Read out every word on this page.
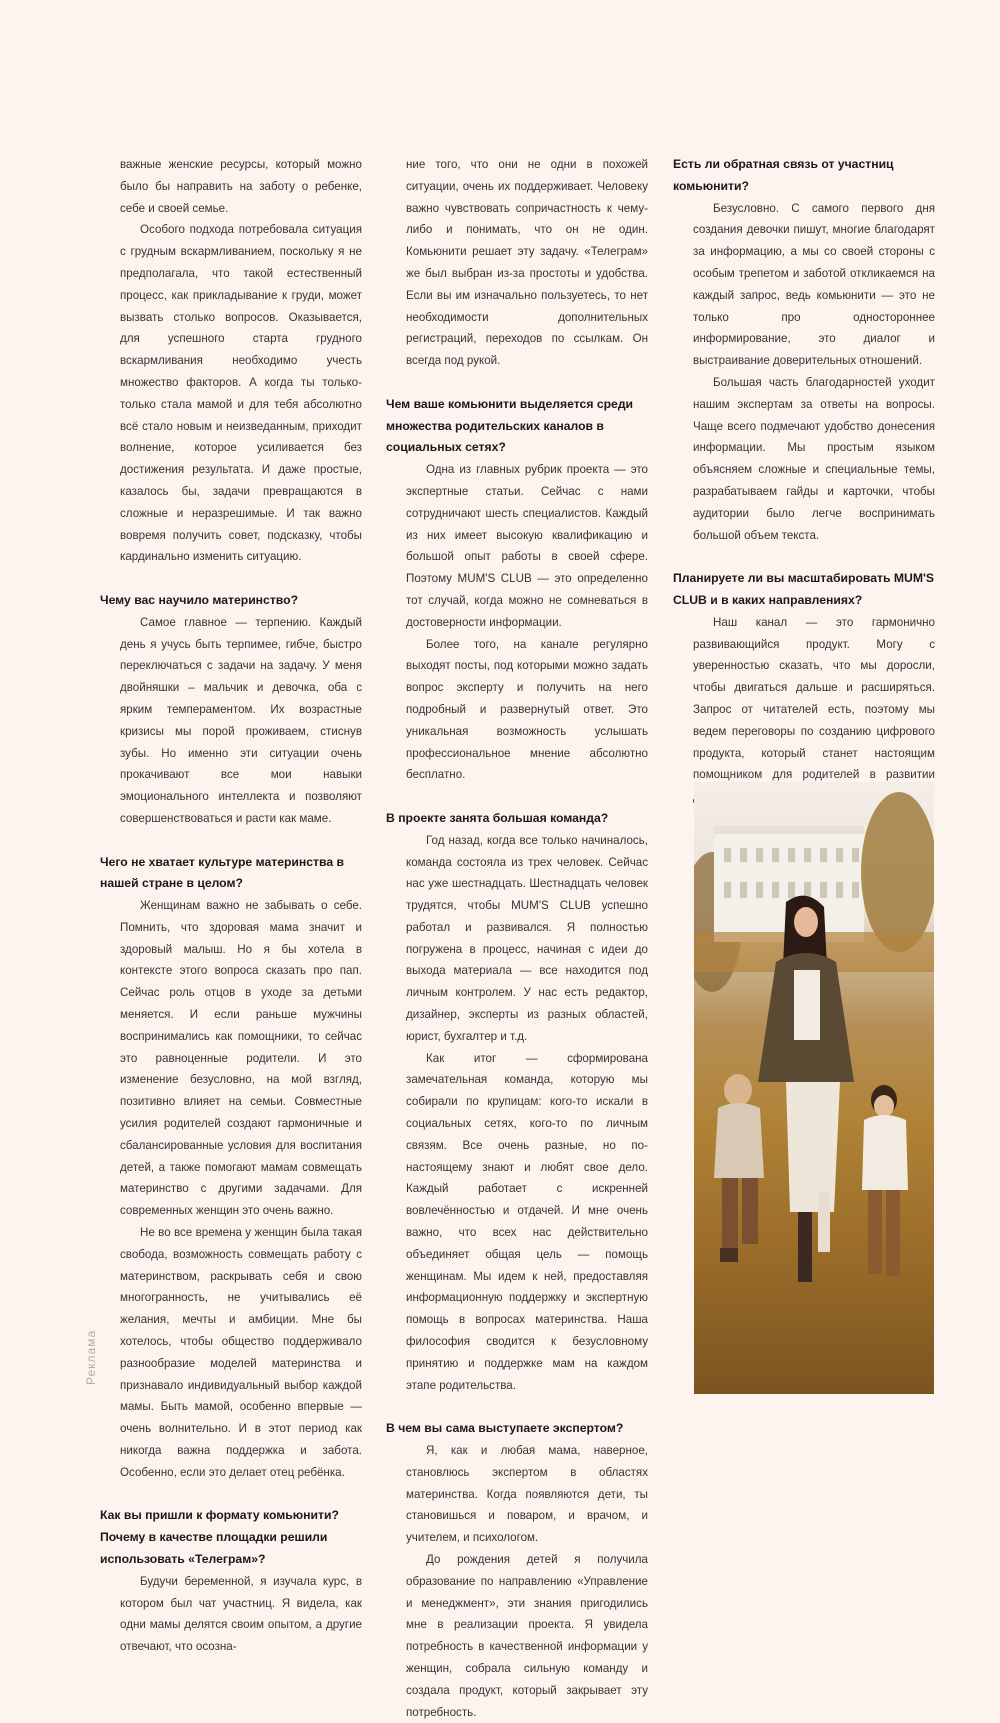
важные женские ресурсы, который можно было бы направить на заботу о ребенке, себе и своей семье.

Особого подхода потребовала ситуация с грудным вскармливанием, поскольку я не предполагала, что такой естественный процесс, как прикладывание к груди, может вызвать столько вопросов. Оказывается, для успешного старта грудного вскармливания необходимо учесть множество факторов. А когда ты только-только стала мамой и для тебя абсолютно всё стало новым и неизведанным, приходит волнение, которое усиливается без достижения результата. И даже простые, казалось бы, задачи превращаются в сложные и неразрешимые. И так важно вовремя получить совет, подсказку, чтобы кардинально изменить ситуацию.

Чему вас научило материнство?

Самое главное — терпению. Каждый день я учусь быть терпимее, гибче, быстро переключаться с задачи на задачу. У меня двойняшки – мальчик и девочка, оба с ярким темпераментом. Их возрастные кризисы мы порой проживаем, стиснув зубы. Но именно эти ситуации очень прокачивают все мои навыки эмоционального интеллекта и позволяют совершенствоваться и расти как маме.

Чего не хватает культуре материнства в нашей стране в целом?

Женщинам важно не забывать о себе. Помнить, что здоровая мама значит и здоровый малыш. Но я бы хотела в контексте этого вопроса сказать про пап. Сейчас роль отцов в уходе за детьми меняется. И если раньше мужчины воспринимались как помощники, то сейчас это равноценные родители. И это изменение безусловно, на мой взгляд, позитивно влияет на семьи. Совместные усилия родителей создают гармоничные и сбалансированные условия для воспитания детей, а также помогают мамам совмещать материнство с другими задачами. Для современных женщин это очень важно.

Не во все времена у женщин была такая свобода, возможность совмещать работу с материнством, раскрывать себя и свою многогранность, не учитывались её желания, мечты и амбиции. Мне бы хотелось, чтобы общество поддерживало разнообразие моделей материнства и признавало индивидуальный выбор каждой мамы. Быть мамой, особенно впервые — очень волнительно. И в этот период как никогда важна поддержка и забота. Особенно, если это делает отец ребёнка.

Как вы пришли к формату комьюнити? Почему в качестве площадки решили использовать «Телеграм»?

Будучи беременной, я изучала курс, в котором был чат участниц. Я видела, как одни мамы делятся своим опытом, а другие отвечают, что осозна-

ние того, что они не одни в похожей ситуации, очень их поддерживает. Человеку важно чувствовать сопричастность к чему-либо и понимать, что он не один. Комьюнити решает эту задачу. «Телеграм» же был выбран из-за простоты и удобства. Если вы им изначально пользуетесь, то нет необходимости дополнительных регистраций, переходов по ссылкам. Он всегда под рукой.

Чем ваше комьюнити выделяется среди множества родительских каналов в социальных сетях?

Одна из главных рубрик проекта — это экспертные статьи. Сейчас с нами сотрудничают шесть специалистов. Каждый из них имеет высокую квалификацию и большой опыт работы в своей сфере. Поэтому MUM'S CLUB — это определенно тот случай, когда можно не сомневаться в достоверности информации.

Более того, на канале регулярно выходят посты, под которыми можно задать вопрос эксперту и получить на него подробный и развернутый ответ. Это уникальная возможность услышать профессиональное мнение абсолютно бесплатно.

В проекте занята большая команда?

Год назад, когда все только начиналось, команда состояла из трех человек. Сейчас нас уже шестнадцать. Шестнадцать человек трудятся, чтобы MUM'S CLUB успешно работал и развивался. Я полностью погружена в процесс, начиная с идеи до выхода материала — все находится под личным контролем. У нас есть редактор, дизайнер, эксперты из разных областей, юрист, бухгалтер и т.д.

Как итог — сформирована замечательная команда, которую мы собирали по крупицам: кого-то искали в социальных сетях, кого-то по личным связям. Все очень разные, но по-настоящему знают и любят свое дело. Каждый работает с искренней вовлечённостью и отдачей. И мне очень важно, что всех нас действительно объединяет общая цель — помощь женщинам. Мы идем к ней, предоставляя информационную поддержку и экспертную помощь в вопросах материнства. Наша философия сводится к безусловному принятию и поддержке мам на каждом этапе родительства.

В чем вы сама выступаете экспертом?

Я, как и любая мама, наверное, становлюсь экспертом в областях материнства. Когда появляются дети, ты становишься и поваром, и врачом, и учителем, и психологом.

До рождения детей я получила образование по направлению «Управление и менеджмент», эти знания пригодились мне в реализации проекта. Я увидела потребность в качественной информации у женщин, собрала сильную команду и создала продукт, который закрывает эту потребность.

Есть ли обратная связь от участниц комьюнити?

Безусловно. С самого первого дня создания девочки пишут, многие благодарят за информацию, а мы со своей стороны с особым трепетом и заботой откликаемся на каждый запрос, ведь комьюнити — это не только про одностороннее информирование, это диалог и выстраивание доверительных отношений.

Большая часть благодарностей уходит нашим экспертам за ответы на вопросы. Чаще всего подмечают удобство донесения информации. Мы простым языком объясняем сложные и специальные темы, разрабатываем гайды и карточки, чтобы аудитории было легче воспринимать большой объем текста.

Планируете ли вы масштабировать MUM'S CLUB и в каких направлениях?

Наш канал — это гармонично развивающийся продукт. Могу с уверенностью сказать, что мы доросли, чтобы двигаться дальше и расширяться. Запрос от читателей есть, поэтому мы ведем переговоры по созданию цифрового продукта, который станет настоящим помощником для родителей в развитии

Реклама
